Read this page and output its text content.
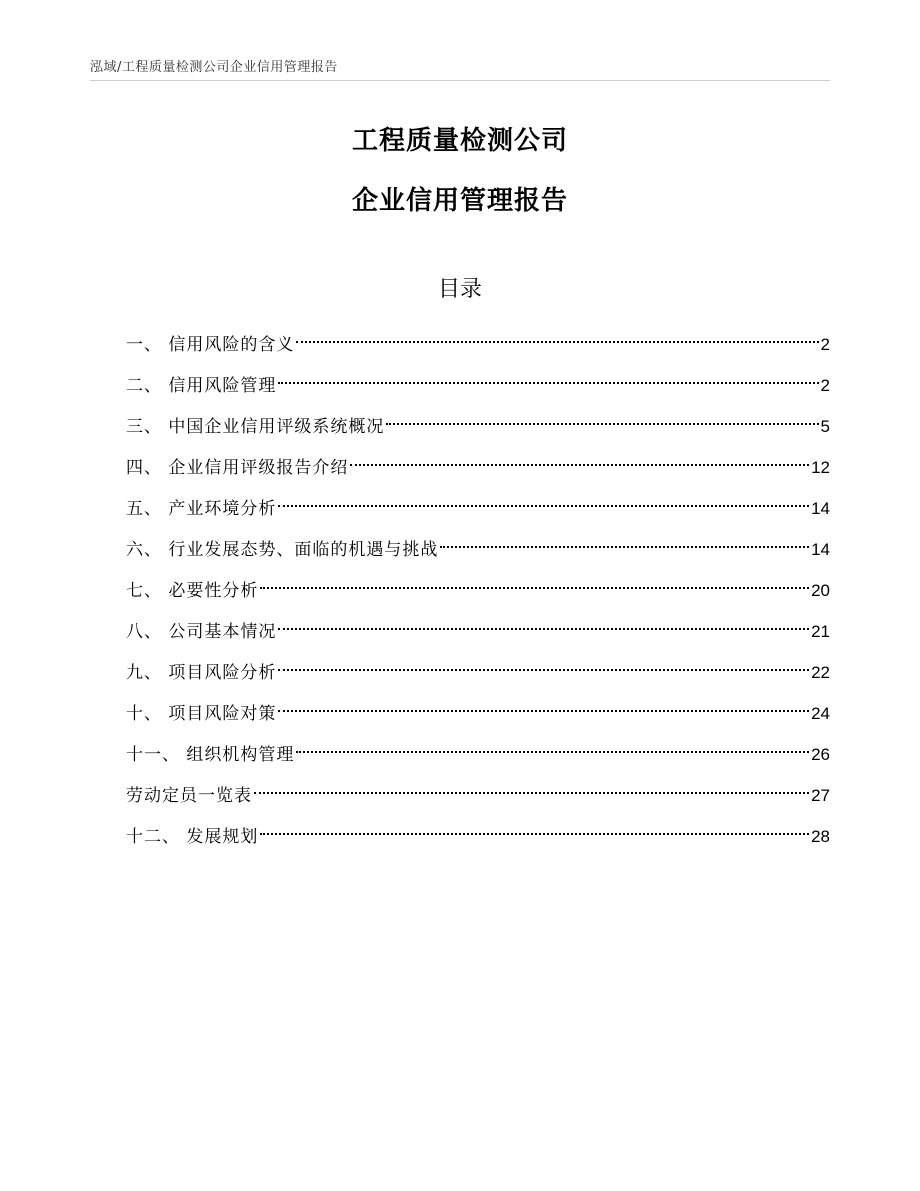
泓域/工程质量检测公司企业信用管理报告
工程质量检测公司
企业信用管理报告
目录
一、 信用风险的含义	2
二、 信用风险管理	2
三、 中国企业信用评级系统概况	5
四、 企业信用评级报告介绍	12
五、 产业环境分析	14
六、 行业发展态势、面临的机遇与挑战	14
七、 必要性分析	20
八、 公司基本情况	21
九、 项目风险分析	22
十、 项目风险对策	24
十一、 组织机构管理	26
劳动定员一览表	27
十二、 发展规划	28
